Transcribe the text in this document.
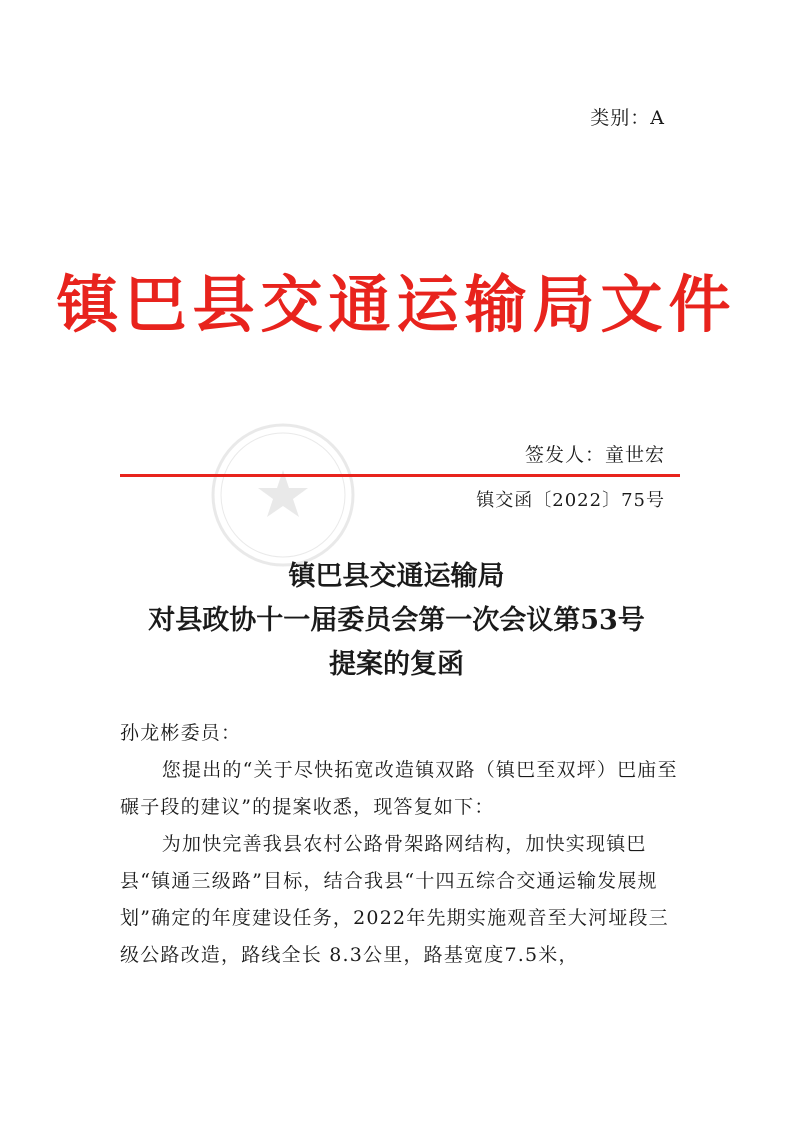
类别：A
镇巴县交通运输局文件
签发人：童世宏
镇交函〔2022〕75号
镇巴县交通运输局
对县政协十一届委员会第一次会议第53号
提案的复函

孙龙彬委员：

您提出的“关于尽快拓宽改造镇双路（镇巴至双坪）巴庙至碾子段的建议”的提案收悉，现答复如下：

为加快完善我县农村公路骨架路网结构，加快实现镇巴县“镇通三级路”目标，结合我县“十四五综合交通运输发展规划”确定的年度建设任务，2022年先期实施观音至大河垭段三级公路改造，路线全长 8.3公里，路基宽度7.5米，
